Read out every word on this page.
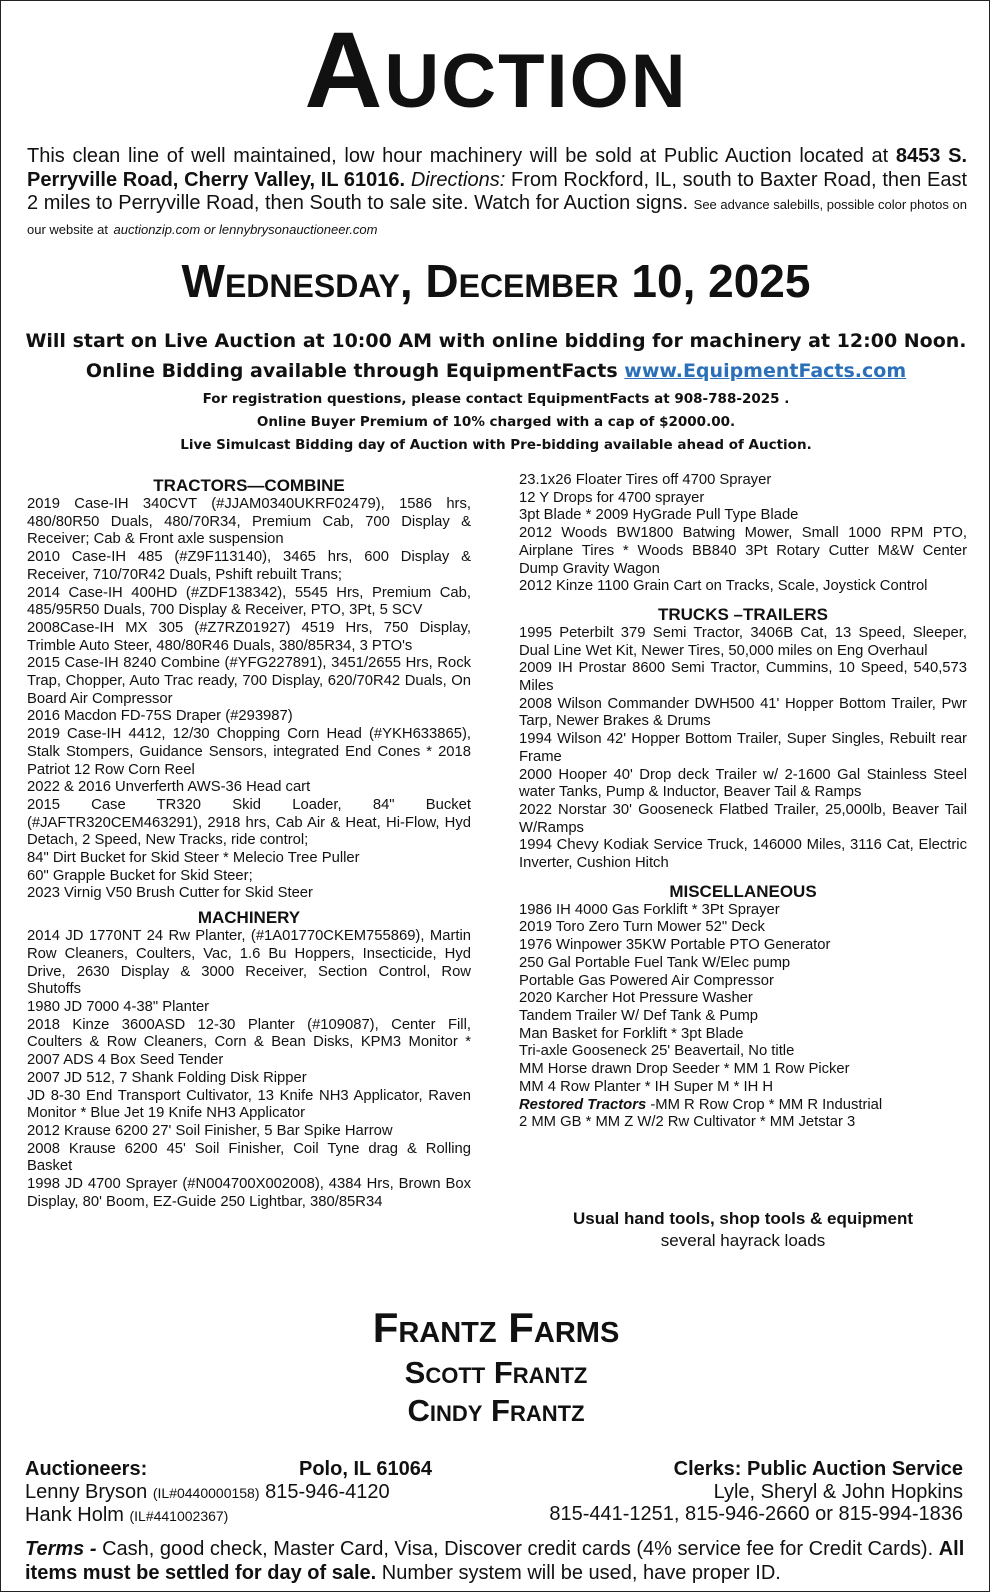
Auction
This clean line of well maintained, low hour machinery will be sold at Public Auction located at 8453 S. Perryville Road, Cherry Valley, IL 61016. Directions: From Rockford, IL, south to Baxter Road, then East 2 miles to Perryville Road, then South to sale site. Watch for Auction signs. See advance salebills, possible color photos on our website at auctionzip.com or lennybrysonauctioneer.com
Wednesday, December 10, 2025
Will start on Live Auction at 10:00 AM with online bidding for machinery at 12:00 Noon.
Online Bidding available through EquipmentFacts www.EquipmentFacts.com
For registration questions, please contact EquipmentFacts at 908-788-2025 .
Online Buyer Premium of 10% charged with a cap of $2000.00.
Live Simulcast Bidding day of Auction with Pre-bidding available ahead of Auction.
TRACTORS—COMBINE
2019 Case-IH 340CVT (#JJAM0340UKRF02479), 1586 hrs, 480/80R50 Duals, 480/70R34, Premium Cab, 700 Display & Receiver; Cab & Front axle suspension
2010 Case-IH 485 (#Z9F113140), 3465 hrs, 600 Display & Receiver, 710/70R42 Duals, Pshift rebuilt Trans;
2014 Case-IH 400HD (#ZDF138342), 5545 Hrs, Premium Cab, 485/95R50 Duals, 700 Display & Receiver, PTO, 3Pt, 5 SCV
2008Case-IH MX 305 (#Z7RZ01927) 4519 Hrs, 750 Display, Trimble Auto Steer, 480/80R46 Duals, 380/85R34, 3 PTO's
2015 Case-IH 8240 Combine (#YFG227891), 3451/2655 Hrs, Rock Trap, Chopper, Auto Trac ready, 700 Display, 620/70R42 Duals, On Board Air Compressor
2016 Macdon FD-75S Draper (#293987)
2019 Case-IH 4412, 12/30 Chopping Corn Head (#YKH633865), Stalk Stompers, Guidance Sensors, integrated End Cones * 2018 Patriot 12 Row Corn Reel
2022 & 2016 Unverferth AWS-36 Head cart
2015 Case TR320 Skid Loader, 84" Bucket (#JAFTR320CEM463291), 2918 hrs, Cab Air & Heat, Hi-Flow, Hyd Detach, 2 Speed, New Tracks, ride control;
84" Dirt Bucket for Skid Steer * Melecio Tree Puller
60" Grapple Bucket for Skid Steer;
2023 Virnig V50 Brush Cutter for Skid Steer
MACHINERY
2014 JD 1770NT 24 Rw Planter, (#1A01770CKEM755869), Martin Row Cleaners, Coulters, Vac, 1.6 Bu Hoppers, Insecticide, Hyd Drive, 2630 Display & 3000 Receiver, Section Control, Row Shutoffs
1980 JD 7000 4-38" Planter
2018 Kinze 3600ASD 12-30 Planter (#109087), Center Fill, Coulters & Row Cleaners, Corn & Bean Disks, KPM3 Monitor * 2007 ADS 4 Box Seed Tender
2007 JD 512, 7 Shank Folding Disk Ripper
JD 8-30 End Transport Cultivator, 13 Knife NH3 Applicator, Raven Monitor * Blue Jet 19 Knife NH3 Applicator
2012 Krause 6200 27' Soil Finisher, 5 Bar Spike Harrow
2008 Krause 6200 45' Soil Finisher, Coil Tyne drag & Rolling Basket
1998 JD 4700 Sprayer (#N004700X002008), 4384 Hrs, Brown Box Display, 80' Boom, EZ-Guide 250 Lightbar, 380/85R34
23.1x26 Floater Tires off 4700 Sprayer
12 Y Drops for 4700 sprayer
3pt Blade * 2009 HyGrade Pull Type Blade
2012 Woods BW1800 Batwing Mower, Small 1000 RPM PTO, Airplane Tires * Woods BB840 3Pt Rotary Cutter M&W Center Dump Gravity Wagon
2012 Kinze 1100 Grain Cart on Tracks, Scale, Joystick Control
TRUCKS –TRAILERS
1995 Peterbilt 379 Semi Tractor, 3406B Cat, 13 Speed, Sleeper, Dual Line Wet Kit, Newer Tires, 50,000 miles on Eng Overhaul
2009 IH Prostar 8600 Semi Tractor, Cummins, 10 Speed, 540,573 Miles
2008 Wilson Commander DWH500 41' Hopper Bottom Trailer, Pwr Tarp, Newer Brakes & Drums
1994 Wilson 42' Hopper Bottom Trailer, Super Singles, Rebuilt rear Frame
2000 Hooper 40' Drop deck Trailer w/ 2-1600 Gal Stainless Steel water Tanks, Pump & Inductor, Beaver Tail & Ramps
2022 Norstar 30' Gooseneck Flatbed Trailer, 25,000lb, Beaver Tail W/Ramps
1994 Chevy Kodiak Service Truck, 146000 Miles, 3116 Cat, Electric Inverter, Cushion Hitch
MISCELLANEOUS
1986 IH 4000 Gas Forklift * 3Pt Sprayer
2019 Toro Zero Turn Mower 52" Deck
1976 Winpower 35KW Portable PTO Generator
250 Gal Portable Fuel Tank W/Elec pump
Portable Gas Powered Air Compressor
2020 Karcher Hot Pressure Washer
Tandem Trailer W/ Def Tank & Pump
Man Basket for Forklift * 3pt Blade
Tri-axle Gooseneck 25' Beavertail, No title
MM Horse drawn Drop Seeder * MM 1 Row Picker
MM 4 Row Planter * IH Super M * IH H
Restored Tractors -MM R Row Crop * MM R Industrial
2 MM GB * MM Z W/2 Rw Cultivator * MM Jetstar 3
Usual hand tools, shop tools & equipment
several hayrack loads
Frantz Farms
Scott Frantz
Cindy Frantz
Auctioneers:	Polo, IL 61064
Lenny Bryson (IL#0440000158) 815-946-4120
Hank Holm (IL#441002367)
Clerks: Public Auction Service
Lyle, Sheryl & John Hopkins
815-441-1251, 815-946-2660 or 815-994-1836
Terms - Cash, good check, Master Card, Visa, Discover credit cards (4% service fee for Credit Cards). All items must be settled for day of sale. Number system will be used, have proper ID.
